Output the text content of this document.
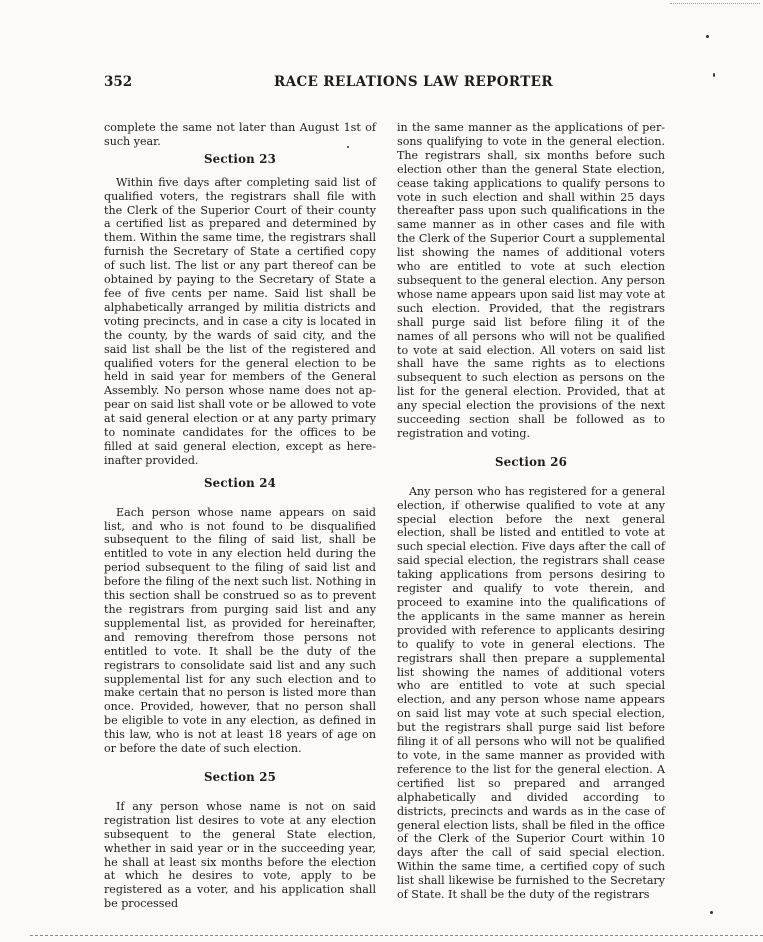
352	RACE RELATIONS LAW REPORTER

complete the same not later than August 1st of such year.

Section 23

Within five days after completing said list of qualified voters, the registrars shall file with the Clerk of the Superior Court of their county a certified list as prepared and determined by them. Within the same time, the registrars shall furnish the Secretary of State a certified copy of such list. The list or any part thereof can be obtained by paying to the Secretary of State a fee of five cents per name. Said list shall be alphabetically arranged by militia districts and voting precincts, and in case a city is located in the county, by the wards of said city, and the said list shall be the list of the registered and qualified voters for the general election to be held in said year for members of the General Assembly. No person whose name does not appear on said list shall vote or be allowed to vote at said general election or at any party primary to nominate candidates for the offices to be filled at said general election, except as hereinafter provided.

Section 24

Each person whose name appears on said list, and who is not found to be disqualified subsequent to the filing of said list, shall be entitled to vote in any election held during the period subsequent to the filing of said list and before the filing of the next such list. Nothing in this section shall be construed so as to prevent the registrars from purging said list and any supplemental list, as provided for hereinafter, and removing therefrom those persons not entitled to vote. It shall be the duty of the registrars to consolidate said list and any such supplemental list for any such election and to make certain that no person is listed more than once. Provided, however, that no person shall be eligible to vote in any election, as defined in this law, who is not at least 18 years of age on or before the date of such election.

Section 25

If any person whose name is not on said registration list desires to vote at any election subsequent to the general State election, whether in said year or in the succeeding year, he shall at least six months before the election at which he desires to vote, apply to be registered as a voter, and his application shall be processed

in the same manner as the applications of persons qualifying to vote in the general election. The registrars shall, six months before such election other than the general State election, cease taking applications to qualify persons to vote in such election and shall within 25 days thereafter pass upon such qualifications in the same manner as in other cases and file with the Clerk of the Superior Court a supplemental list showing the names of additional voters who are entitled to vote at such election subsequent to the general election. Any person whose name appears upon said list may vote at such election. Provided, that the registrars shall purge said list before filing it of the names of all persons who will not be qualified to vote at said election. All voters on said list shall have the same rights as to elections subsequent to such election as persons on the list for the general election. Provided, that at any special election the provisions of the next succeeding section shall be followed as to registration and voting.

Section 26

Any person who has registered for a general election, if otherwise qualified to vote at any special election before the next general election, shall be listed and entitled to vote at such special election. Five days after the call of said special election, the registrars shall cease taking applications from persons desiring to register and qualify to vote therein, and proceed to examine into the qualifications of the applicants in the same manner as herein provided with reference to applicants desiring to qualify to vote in general elections. The registrars shall then prepare a supplemental list showing the names of additional voters who are entitled to vote at such special election, and any person whose name appears on said list may vote at such special election, but the registrars shall purge said list before filing it of all persons who will not be qualified to vote, in the same manner as provided with reference to the list for the general election. A certified list so prepared and arranged alphabetically and divided according to districts, precincts and wards as in the case of general election lists, shall be filed in the office of the Clerk of the Superior Court within 10 days after the call of said special election. Within the same time, a certified copy of such list shall likewise be furnished to the Secretary of State. It shall be the duty of the registrars
